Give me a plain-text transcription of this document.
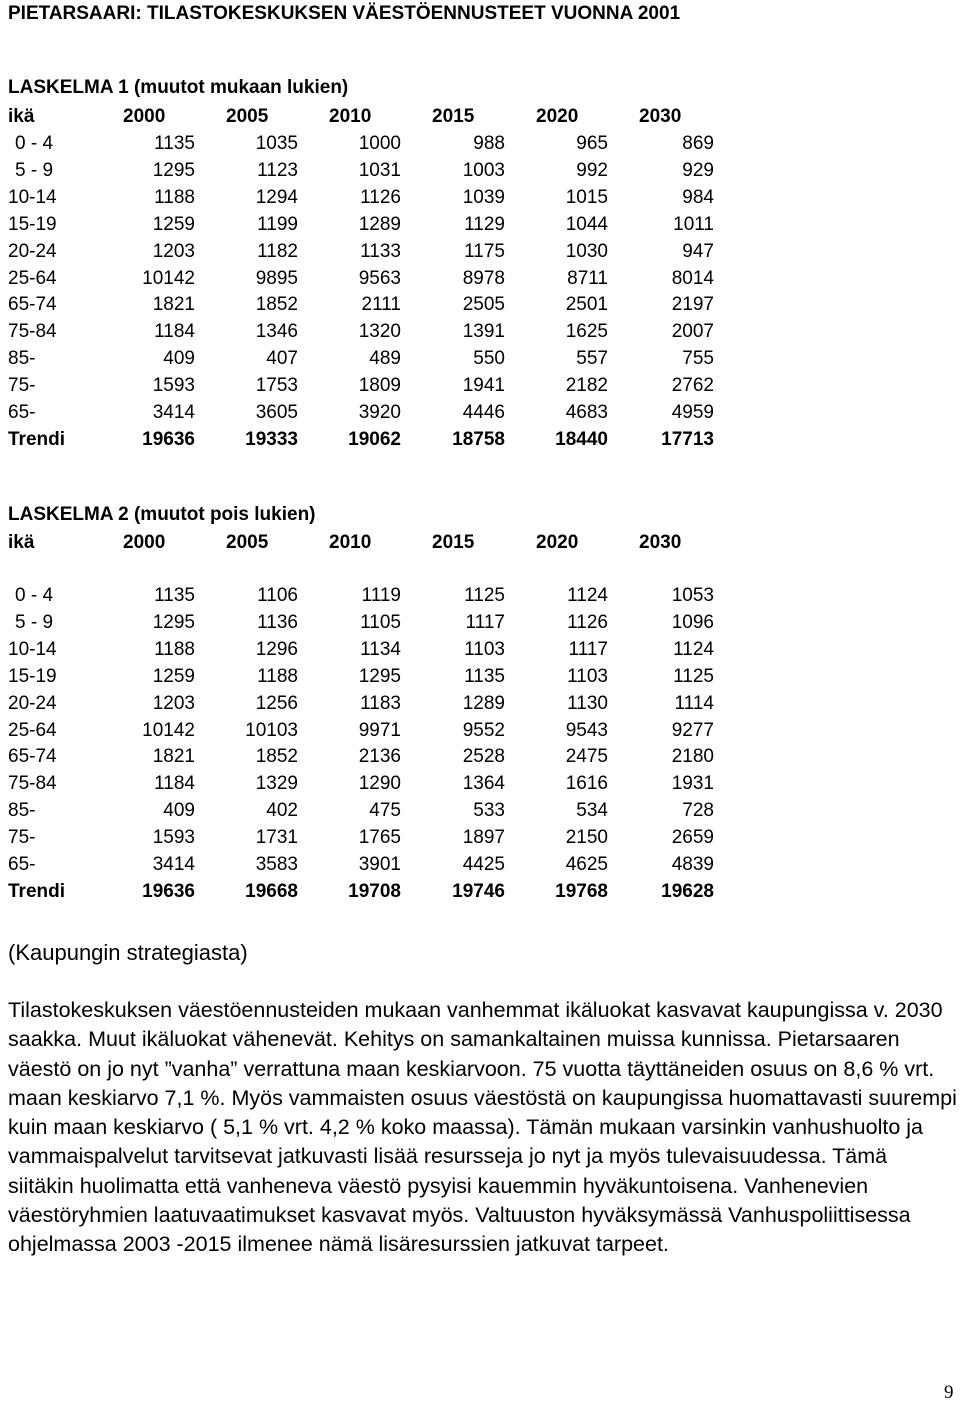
PIETARSAARI: TILASTOKESKUKSEN VÄESTÖENNUSTEET VUONNA 2001
LASKELMA 1 (muutot mukaan lukien)
ikä	2000	2005	2010	2015	2020	2030
0 - 4	1135	1035	1000	988	965	869
5 - 9	1295	1123	1031	1003	992	929
10-14	1188	1294	1126	1039	1015	984
15-19	1259	1199	1289	1129	1044	1011
20-24	1203	1182	1133	1175	1030	947
25-64	10142	9895	9563	8978	8711	8014
65-74	1821	1852	2111	2505	2501	2197
75-84	1184	1346	1320	1391	1625	2007
85-	409	407	489	550	557	755
75-	1593	1753	1809	1941	2182	2762
65-	3414	3605	3920	4446	4683	4959
Trendi	19636	19333	19062	18758	18440	17713
LASKELMA 2 (muutot pois lukien)
ikä	2000	2005	2010	2015	2020	2030
0 - 4	1135	1106	1119	1125	1124	1053
5 - 9	1295	1136	1105	1117	1126	1096
10-14	1188	1296	1134	1103	1117	1124
15-19	1259	1188	1295	1135	1103	1125
20-24	1203	1256	1183	1289	1130	1114
25-64	10142	10103	9971	9552	9543	9277
65-74	1821	1852	2136	2528	2475	2180
75-84	1184	1329	1290	1364	1616	1931
85-	409	402	475	533	534	728
75-	1593	1731	1765	1897	2150	2659
65-	3414	3583	3901	4425	4625	4839
Trendi	19636	19668	19708	19746	19768	19628
(Kaupungin strategiasta)
Tilastokeskuksen väestöennusteiden mukaan vanhemmat ikäluokat kasvavat kaupungissa v. 2030 saakka. Muut ikäluokat vähenevät. Kehitys on samankaltainen muissa kunnissa. Pietarsaaren väestö on jo nyt ”vanha” verrattuna maan keskiarvoon. 75 vuotta täyttäneiden osuus on 8,6 % vrt. maan keskiarvo 7,1 %. Myös vammaisten osuus väestöstä on kaupungissa huomattavasti suurempi kuin maan keskiarvo ( 5,1 % vrt. 4,2 % koko maassa). Tämän mukaan varsinkin vanhushuolto ja vammaispalvelut tarvitsevat jatkuvasti lisää resursseja jo nyt ja myös tulevaisuudessa. Tämä siitäkin huolimatta että vanheneva väestö pysyisi kauemmin hyväkuntoisena. Vanhenevien väestöryhmien laatuvaatimukset kasvavat myös. Valtuuston hyväksymässä Vanhuspoliittisessa ohjelmassa 2003 -2015 ilmenee nämä lisäresurssien jatkuvat tarpeet.
9
